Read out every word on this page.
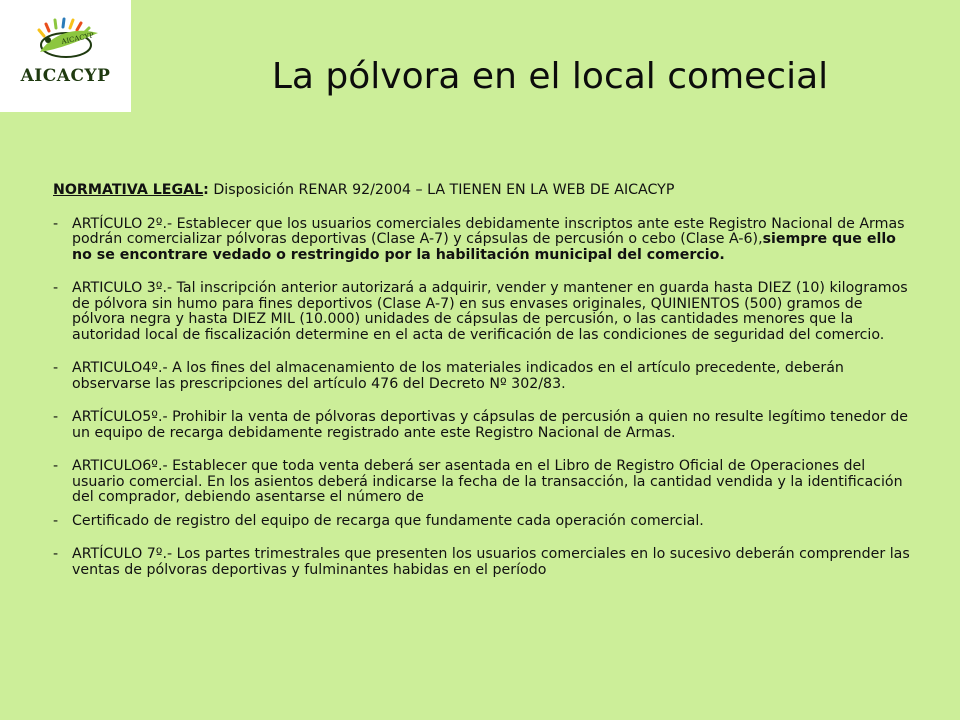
AICACYP
AICACYP	La pólvora en el local comecial
NORMATIVA LEGAL: Disposición RENAR 92/2004 – LA TIENEN EN LA WEB DE AICACYP
- ARTÍCULO 2º.- Establecer que los usuarios comerciales debidamente inscriptos ante este Registro Nacional de Armas podrán comercializar pólvoras deportivas (Clase A-7) y cápsulas de percusión o cebo (Clase A-6),siempre que ello no se encontrare vedado o restringido por la habilitación municipal del comercio.
- ARTICULO 3º.- Tal inscripción anterior autorizará a adquirir, vender y mantener en guarda hasta DIEZ (10) kilogramos de pólvora sin humo para fines deportivos (Clase A-7) en sus envases originales, QUINIENTOS (500) gramos de pólvora negra y hasta DIEZ MIL (10.000) unidades de cápsulas de percusión, o las cantidades menores que la autoridad local de fiscalización determine en el acta de verificación de las condiciones de seguridad del comercio.
- ARTICULO4º.- A los fines del almacenamiento de los materiales indicados en el artículo precedente, deberán observarse las prescripciones del artículo 476 del Decreto Nº 302/83.
- ARTÍCULO5º.- Prohibir la venta de pólvoras deportivas y cápsulas de percusión a quien no resulte legítimo tenedor de un equipo de recarga debidamente registrado ante este Registro Nacional de Armas.
- ARTICULO6º.- Establecer que toda venta deberá ser asentada en el Libro de Registro Oficial de Operaciones del usuario comercial. En los asientos deberá indicarse la fecha de la transacción, la cantidad vendida y la identificación del comprador, debiendo asentarse el número de
- Certificado de registro del equipo de recarga que fundamente cada operación comercial.
- ARTÍCULO 7º.- Los partes trimestrales que presenten los usuarios comerciales en lo sucesivo deberán comprender las ventas de pólvoras deportivas y fulminantes habidas en el período
